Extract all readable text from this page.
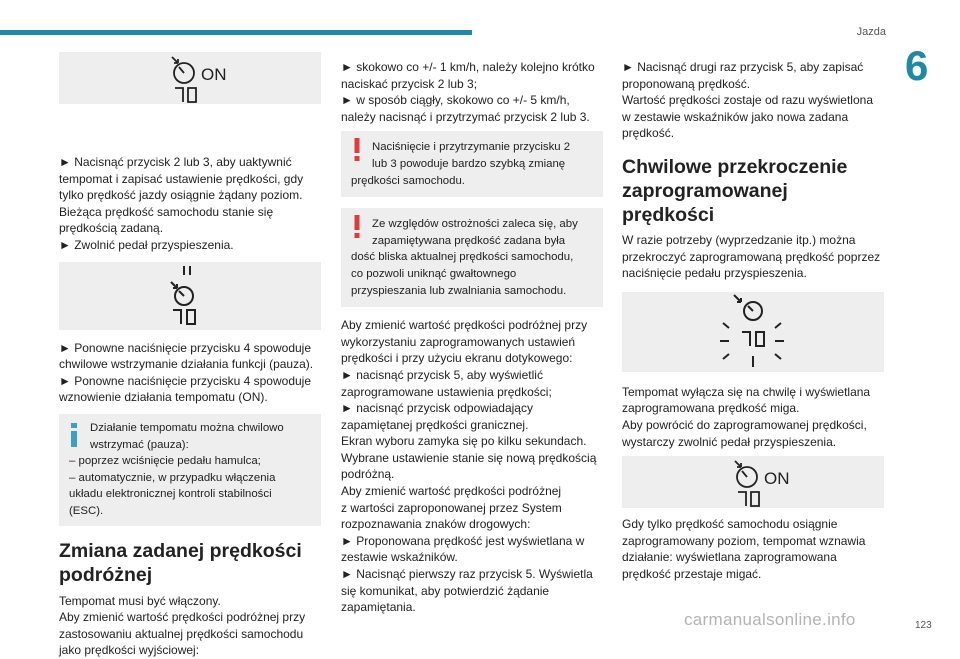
Jazda
6
ON

► Nacisnąć przycisk 2 lub 3, aby uaktywnić

tempomat i zapisać ustawienie prędkości, gdy

tylko prędkość jazdy osiągnie żądany poziom.

Bieżąca prędkość samochodu stanie się

prędkością zadaną.

► Zwolnić pedał przyspieszenia.

► Ponowne naciśnięcie przycisku 4 spowoduje

chwilowe wstrzymanie działania funkcji (pauza).

► Ponowne naciśnięcie przycisku 4 spowoduje

wznowienie działania tempomatu (ON).

Działanie tempomatu można chwilowo

wstrzymać (pauza):

– poprzez wciśnięcie pedału hamulca;

– automatycznie, w przypadku włączenia

układu elektronicznej kontroli stabilności

(ESC).

Zmiana zadanej prędkości

podróżnej

Tempomat musi być włączony.

Aby zmienić wartość prędkości podróżnej przy

zastosowaniu aktualnej prędkości samochodu

jako prędkości wyjściowej:

► skokowo co +/- 1 km/h, należy kolejno krótko

naciskać przycisk 2 lub 3;

► w sposób ciągły, skokowo co +/- 5 km/h,

należy nacisnąć i przytrzymać przycisk 2 lub 3.

Naciśnięcie i przytrzymanie przycisku 2

lub 3 powoduje bardzo szybką zmianę

prędkości samochodu.

Ze względów ostrożności zaleca się, aby

zapamiętywana prędkość zadana była

dość bliska aktualnej prędkości samochodu,

co pozwoli uniknąć gwałtownego

przyspieszania lub zwalniania samochodu.

Aby zmienić wartość prędkości podróżnej przy

wykorzystaniu zaprogramowanych ustawień

prędkości i przy użyciu ekranu dotykowego:

► nacisnąć przycisk 5, aby wyświetlić

zaprogramowane ustawienia prędkości;

► nacisnąć przycisk odpowiadający

zapamiętanej prędkości granicznej.

Ekran wyboru zamyka się po kilku sekundach.

Wybrane ustawienie stanie się nową prędkością

podróżną.

Aby zmienić wartość prędkości podróżnej

z wartości zaproponowanej przez System

rozpoznawania znaków drogowych:

► Proponowana prędkość jest wyświetlana w

zestawie wskaźników.

► Nacisnąć pierwszy raz przycisk 5. Wyświetla

się komunikat, aby potwierdzić żądanie

zapamiętania.

► Nacisnąć drugi raz przycisk 5, aby zapisać

proponowaną prędkość.

Wartość prędkości zostaje od razu wyświetlona

w zestawie wskaźników jako nowa zadana

prędkość.

Chwilowe przekroczenie

zaprogramowanej prędkości

W razie potrzeby (wyprzedzanie itp.) można

przekroczyć zaprogramowaną prędkość poprzez

naciśnięcie pedału przyspieszenia.

Tempomat wyłącza się na chwilę i wyświetlana

zaprogramowana prędkość miga.

Aby powrócić do zaprogramowanej prędkości,

wystarczy zwolnić pedał przyspieszenia.

ON

Gdy tylko prędkość samochodu osiągnie

zaprogramowany poziom, tempomat wznawia

działanie: wyświetlana zaprogramowana

prędkość przestaje migać.

carmanualsonline.info	123
